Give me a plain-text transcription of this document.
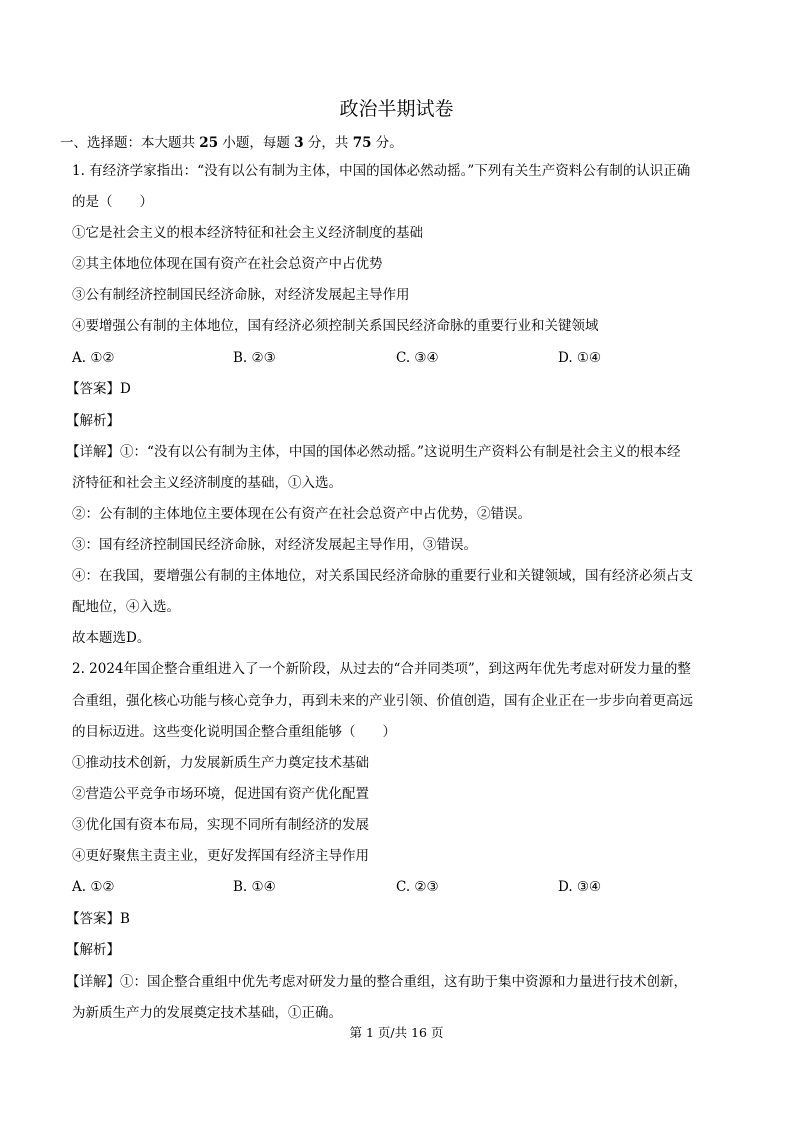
政治半期试卷
一、选择题：本大题共 25 小题，每题 3 分，共 75 分。
1. 有经济学家指出：“没有以公有制为主体，中国的国体必然动摇。”下列有关生产资料公有制的认识正确
的是（　　）
①它是社会主义的根本经济特征和社会主义经济制度的基础
②其主体地位体现在国有资产在社会总资产中占优势
③公有制经济控制国民经济命脉，对经济发展起主导作用
④要增强公有制的主体地位，国有经济必须控制关系国民经济命脉的重要行业和关键领域
A. ①②	B. ②③	C. ③④	D. ①④
【答案】D
【解析】
【详解】①：“没有以公有制为主体，中国的国体必然动摇。”这说明生产资料公有制是社会主义的根本经
济特征和社会主义经济制度的基础，①入选。
②：公有制的主体地位主要体现在公有资产在社会总资产中占优势，②错误。
③：国有经济控制国民经济命脉，对经济发展起主导作用，③错误。
④：在我国，要增强公有制的主体地位，对关系国民经济命脉的重要行业和关键领域，国有经济必须占支
配地位，④入选。
故本题选D。
2. 2024年国企整合重组进入了一个新阶段，从过去的“合并同类项”，到这两年优先考虑对研发力量的整
合重组，强化核心功能与核心竞争力，再到未来的产业引领、价值创造，国有企业正在一步步向着更高远
的目标迈进。这些变化说明国企整合重组能够（　　）
①推动技术创新，力发展新质生产力奠定技术基础
②营造公平竞争市场环境，促进国有资产优化配置
③优化国有资本布局，实现不同所有制经济的发展
④更好聚焦主责主业，更好发挥国有经济主导作用
A. ①②	B. ①④	C. ②③	D. ③④
【答案】B
【解析】
【详解】①：国企整合重组中优先考虑对研发力量的整合重组，这有助于集中资源和力量进行技术创新，
为新质生产力的发展奠定技术基础，①正确。
第 1 页/共 16 页
